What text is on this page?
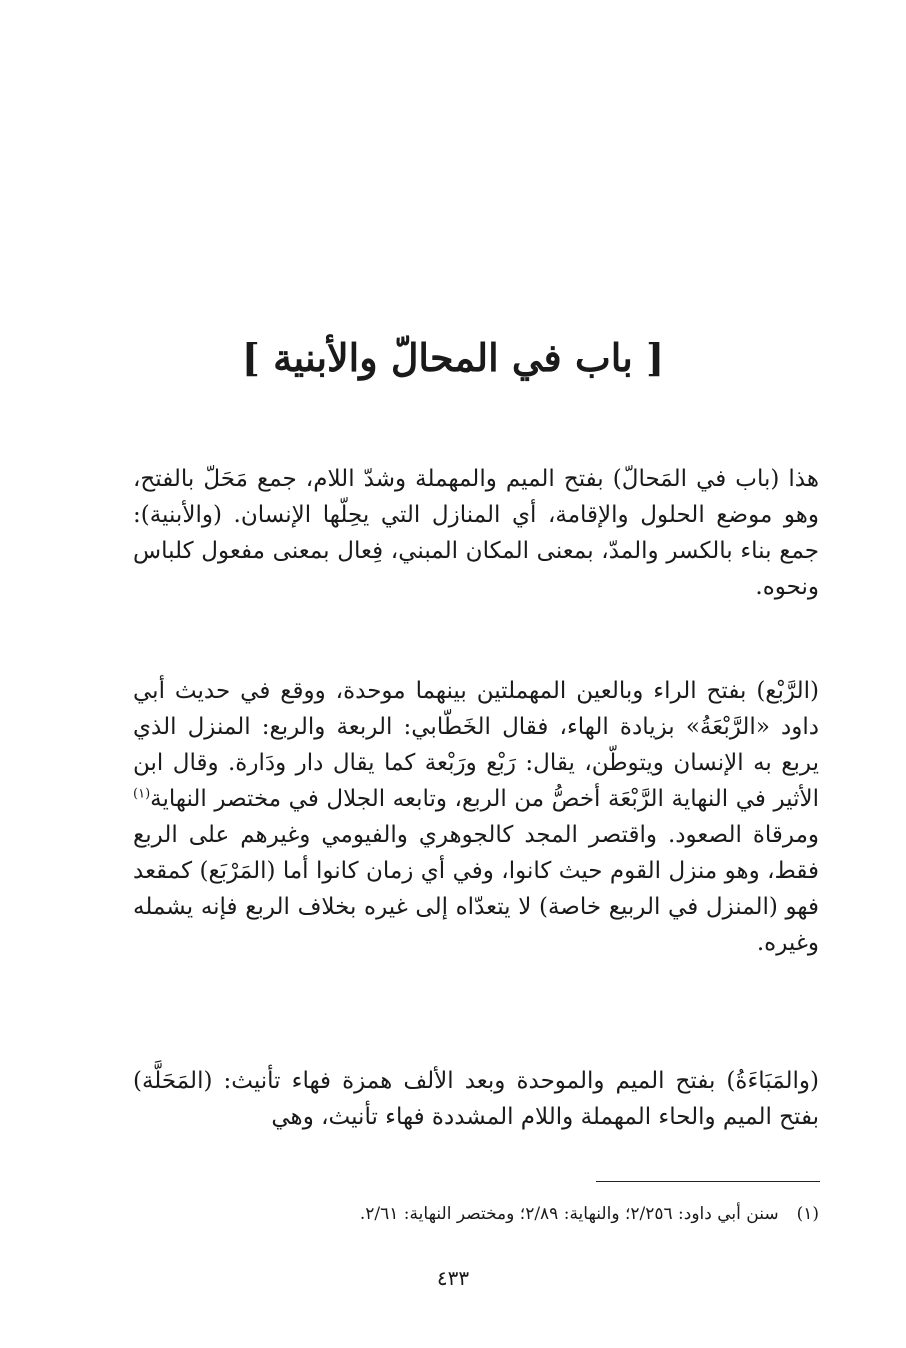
[ باب في المحالّ والأبنية ]

هذا (باب في المَحالّ) بفتح الميم والمهملة وشدّ اللام، جمع مَحَلّ بالفتح، وهو موضع الحلول والإقامة، أي المنازل التي يحِلّها الإنسان. (والأبنية): جمع بناء بالكسر والمدّ، بمعنى المكان المبني، فِعال بمعنى مفعول كلباس ونحوه.

(الرَّبْع) بفتح الراء وبالعين المهملتين بينهما موحدة، ووقع في حديث أبي داود «الرَّبْعَةُ» بزيادة الهاء، فقال الخَطّابي: الربعة والربع: المنزل الذي يربع به الإنسان ويتوطّن، يقال: رَبْع ورَبْعة كما يقال دار ودَارة. وقال ابن الأثير في النهاية الرَّبْعَة أخصُّ من الربع، وتابعه الجلال في مختصر النهاية$^{(١)}$ ومرقاة الصعود. واقتصر المجد كالجوهري والفيومي وغيرهم على الربع فقط، وهو منزل القوم حيث كانوا، وفي أي زمان كانوا أما (المَرْبَع) كمقعد فهو (المنزل في الربيع خاصة) لا يتعدّاه إلى غيره بخلاف الربع فإنه يشمله وغيره.

(والمَبَاءَةُ) بفتح الميم والموحدة وبعد الألف همزة فهاء تأنيث: (المَحَلَّة) بفتح الميم والحاء المهملة واللام المشددة فهاء تأنيث، وهي

(١)سنن أبي داود: ٢/٢٥٦؛ والنهاية: ٢/٨٩؛ ومختصر النهاية: ٢/٦١.

٤٣٣
